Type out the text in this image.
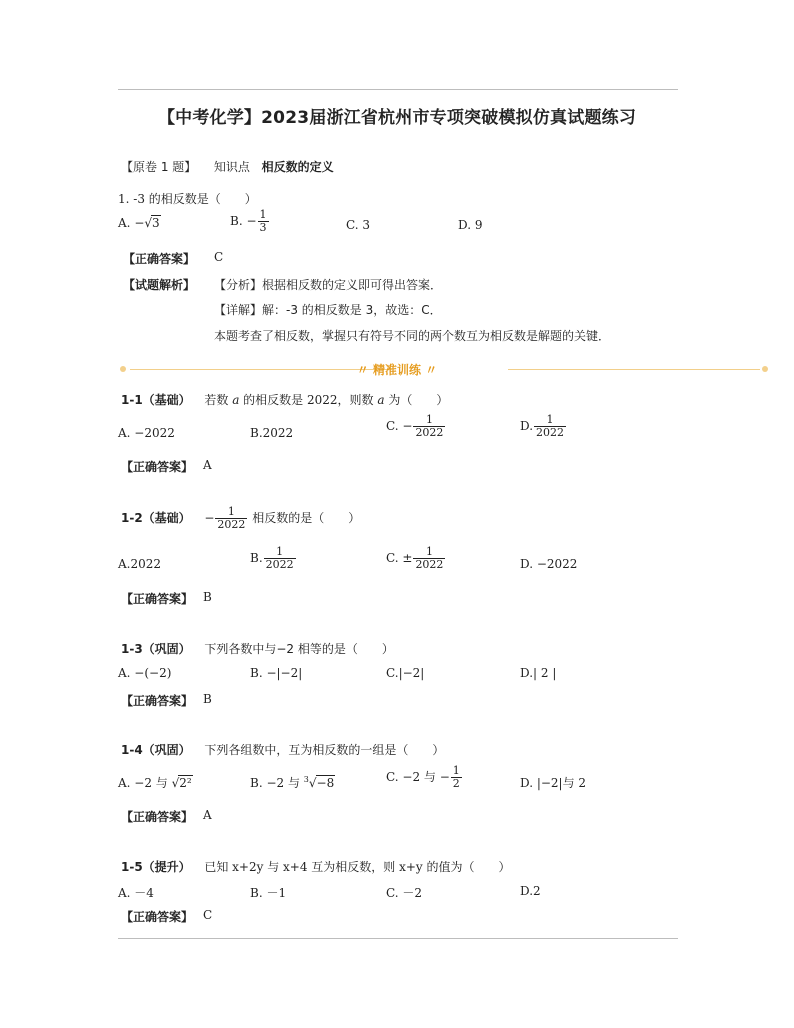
【中考化学】2023届浙江省杭州市专项突破模拟仿真试题练习
【原卷 1 题】 知识点 相反数的定义
1. -3 的相反数是（　　）
A. −√3	B. − $\frac{1}{3}$	C. 3	D. 9
【正确答案】 C
【试题解析】 【分析】根据相反数的定义即可得出答案．
【详解】解：-3 的相反数是 3，故选：C．
本题考查了相反数，掌握只有符号不同的两个数互为相反数是解题的关键．
〃 精准训练 〃
1-1（基础） 若数 a 的相反数是 2022，则数 a 为（　　）
A. −2022	B.2022	C. − $\frac{1}{2022}$	D. $\frac{1}{2022}$
【正确答案】 A
1-2（基础） − $\frac{1}{2022}$ 相反数的是（　　）
A.2022	B. $\frac{1}{2022}$	C. ± $\frac{1}{2022}$	D. −2022
【正确答案】 B
1-3（巩固） 下列各数中与−2 相等的是（　　）
A. −(−2)	B. −|−2|	C.|−2|	D.| 2 |
【正确答案】 B
1-4（巩固） 下列各组数中，互为相反数的一组是（　　）
A. −2 与 √2²	B. −2 与 $^3$√−8	C. −2 与 − $\frac{1}{2}$	D. |−2|与 2
【正确答案】 A
1-5（提升） 已知 x+2y 与 x+4 互为相反数，则 x+y 的值为（　　）
A. －4	B. －1	C. －2	D.2
【正确答案】 C
